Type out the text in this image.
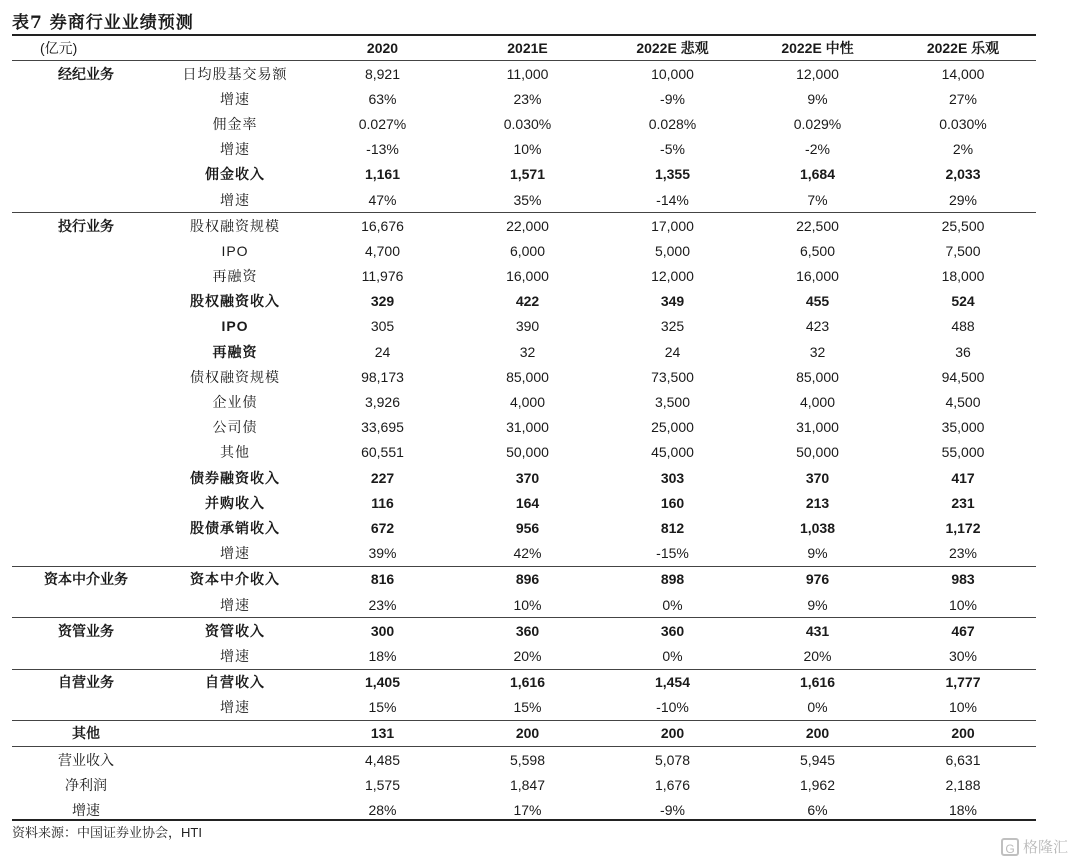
表7 券商行业业绩预测
(亿元)		2020	2021E	2022E 悲观	2022E 中性	2022E 乐观
经纪业务	日均股基交易额	8,921	11,000	10,000	12,000	14,000
	增速	63%	23%	-9%	9%	27%
	佣金率	0.027%	0.030%	0.028%	0.029%	0.030%
	增速	-13%	10%	-5%	-2%	2%
	佣金收入	1,161	1,571	1,355	1,684	2,033
	增速	47%	35%	-14%	7%	29%
投行业务	股权融资规模	16,676	22,000	17,000	22,500	25,500
	IPO	4,700	6,000	5,000	6,500	7,500
	再融资	11,976	16,000	12,000	16,000	18,000
	股权融资收入	329	422	349	455	524
	IPO	305	390	325	423	488
	再融资	24	32	24	32	36
	债权融资规模	98,173	85,000	73,500	85,000	94,500
	企业债	3,926	4,000	3,500	4,000	4,500
	公司债	33,695	31,000	25,000	31,000	35,000
	其他	60,551	50,000	45,000	50,000	55,000
	债券融资收入	227	370	303	370	417
	并购收入	116	164	160	213	231
	股债承销收入	672	956	812	1,038	1,172
	增速	39%	42%	-15%	9%	23%
资本中介业务	资本中介收入	816	896	898	976	983
	增速	23%	10%	0%	9%	10%
资管业务	资管收入	300	360	360	431	467
	增速	18%	20%	0%	20%	30%
自营业务	自营收入	1,405	1,616	1,454	1,616	1,777
	增速	15%	15%	-10%	0%	10%
其他		131	200	200	200	200
营业收入		4,485	5,598	5,078	5,945	6,631
净利润		1,575	1,847	1,676	1,962	2,188
增速		28%	17%	-9%	6%	18%
资料来源：中国证券业协会，HTI
G 格隆汇
